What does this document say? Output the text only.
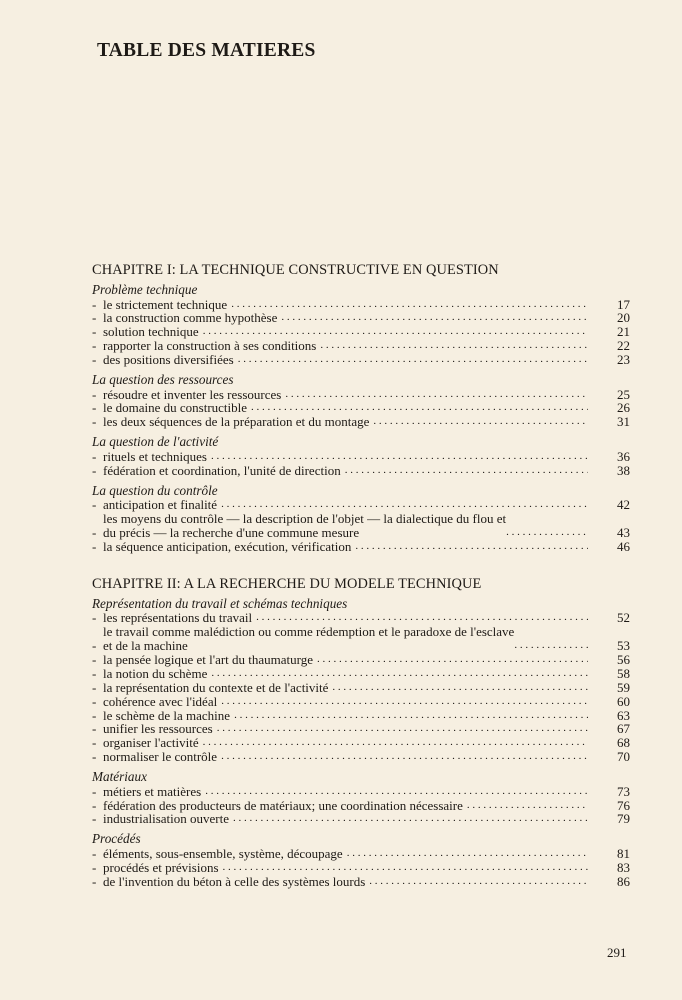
TABLE DES MATIERES
CHAPITRE I: LA TECHNIQUE CONSTRUCTIVE EN QUESTION
Problème technique
- le strictement technique . . .	17
- la construction comme hypothèse . . .	20
- solution technique . . .	21
- rapporter la construction à ses conditions . . .	22
- des positions diversifiées . . .	23
La question des ressources
- résoudre et inventer les ressources . . .	25
- le domaine du constructible . . .	26
- les deux séquences de la préparation et du montage . . .	31
La question de l'activité
- rituels et techniques . . .	36
- fédération et coordination, l'unité de direction . . .	38
La question du contrôle
- anticipation et finalité . . .	42
-
les moyens du contrôle — la description de l'objet — la dialectique du flou et
du précis — la recherche d'une commune mesure . . .	43
- la séquence anticipation, exécution, vérification . . .	46
CHAPITRE II: A LA RECHERCHE DU MODELE TECHNIQUE
Représentation du travail et schémas techniques
- les représentations du travail . . .	52
-
le travail comme malédiction ou comme rédemption et le paradoxe de l'esclave
et de la machine . . .	53
- la pensée logique et l'art du thaumaturge . . .	56
- la notion du schème . . .	58
- la représentation du contexte et de l'activité . . .	59
- cohérence avec l'idéal . . .	60
- le schème de la machine . . .	63
- unifier les ressources . . .	67
- organiser l'activité . . .	68
- normaliser le contrôle . . .	70
Matériaux
- métiers et matières . . .	73
- fédération des producteurs de matériaux; une coordination nécessaire . . .	76
- industrialisation ouverte . . .	79
Procédés
- éléments, sous-ensemble, système, découpage . . .	81
- procédés et prévisions . . .	83
- de l'invention du béton à celle des systèmes lourds . . .	86
291
